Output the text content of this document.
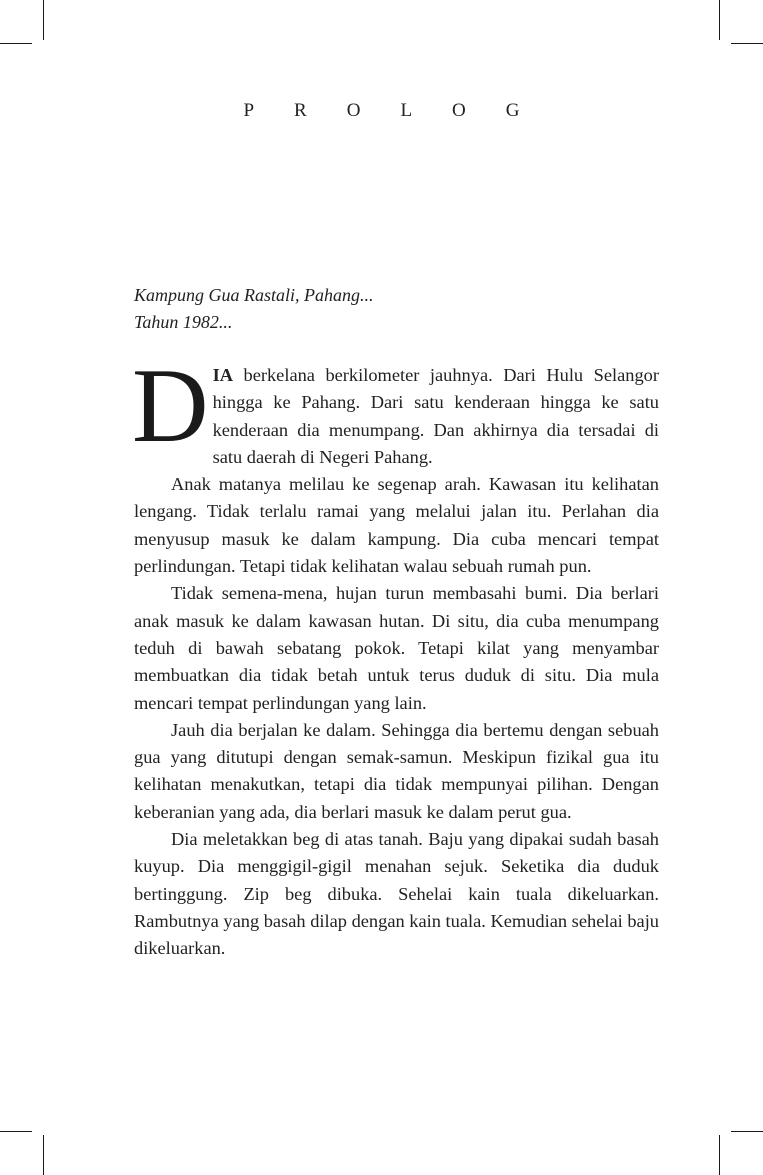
PROLOG
Kampung Gua Rastali, Pahang...
Tahun 1982...

DIA berkelana berkilometer jauhnya. Dari Hulu Selangor hingga ke Pahang. Dari satu kenderaan hingga ke satu kenderaan dia menumpang. Dan akhirnya dia tersadai di satu daerah di Negeri Pahang.

Anak matanya melilau ke segenap arah. Kawasan itu kelihatan lengang. Tidak terlalu ramai yang melalui jalan itu. Perlahan dia menyusup masuk ke dalam kampung. Dia cuba mencari tempat perlindungan. Tetapi tidak kelihatan walau sebuah rumah pun.

Tidak semena-mena, hujan turun membasahi bumi. Dia berlari anak masuk ke dalam kawasan hutan. Di situ, dia cuba menumpang teduh di bawah sebatang pokok. Tetapi kilat yang menyambar membuatkan dia tidak betah untuk terus duduk di situ. Dia mula mencari tempat perlindungan yang lain.

Jauh dia berjalan ke dalam. Sehingga dia bertemu dengan sebuah gua yang ditutupi dengan semak-samun. Meskipun fizikal gua itu kelihatan menakutkan, tetapi dia tidak mempunyai pilihan. Dengan keberanian yang ada, dia berlari masuk ke dalam perut gua.

Dia meletakkan beg di atas tanah. Baju yang dipakai sudah basah kuyup. Dia menggigil-gigil menahan sejuk. Seketika dia duduk bertinggung. Zip beg dibuka. Sehelai kain tuala dikeluarkan. Rambutnya yang basah dilap dengan kain tuala. Kemudian sehelai baju dikeluarkan.
